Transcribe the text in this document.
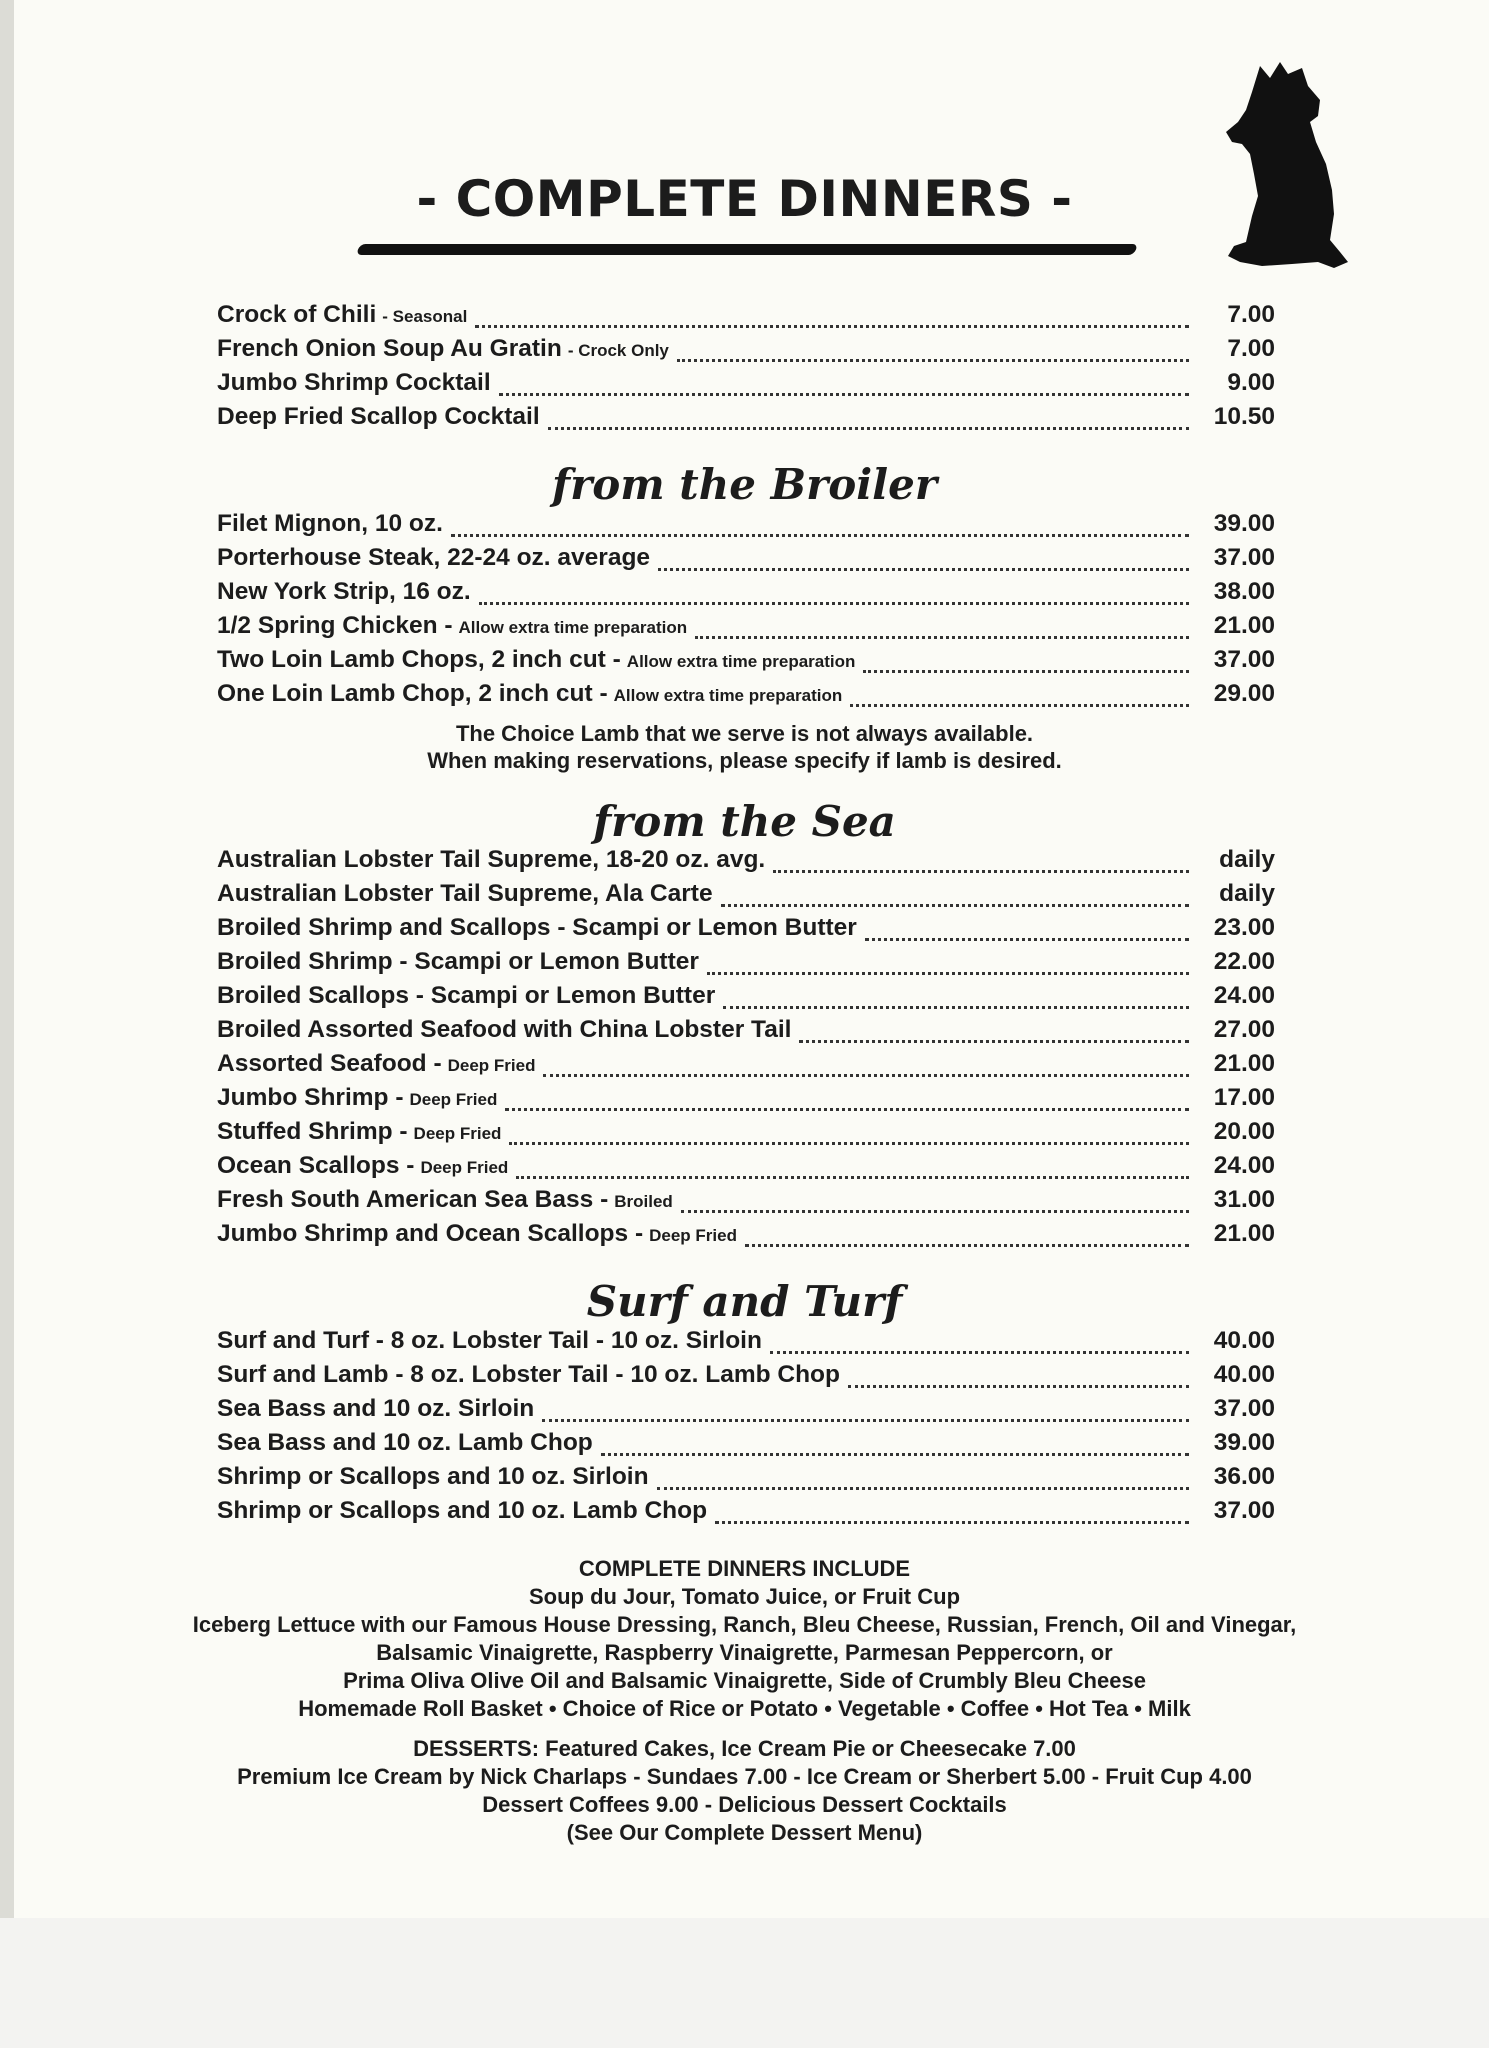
- COMPLETE DINNERS -
Crock of Chili - Seasonal	7.00
French Onion Soup Au Gratin - Crock Only	7.00
Jumbo Shrimp Cocktail	9.00
Deep Fried Scallop Cocktail	10.50
from the Broiler
Filet Mignon, 10 oz.	39.00
Porterhouse Steak, 22-24 oz. average	37.00
New York Strip, 16 oz.	38.00
1/2 Spring Chicken - Allow extra time preparation	21.00
Two Loin Lamb Chops, 2 inch cut - Allow extra time preparation	37.00
One Loin Lamb Chop, 2 inch cut - Allow extra time preparation	29.00
The Choice Lamb that we serve is not always available.
When making reservations, please specify if lamb is desired.
from the Sea
Australian Lobster Tail Supreme, 18-20 oz. avg.	daily
Australian Lobster Tail Supreme, Ala Carte	daily
Broiled Shrimp and Scallops - Scampi or Lemon Butter	23.00
Broiled Shrimp - Scampi or Lemon Butter	22.00
Broiled Scallops - Scampi or Lemon Butter	24.00
Broiled Assorted Seafood with China Lobster Tail	27.00
Assorted Seafood - Deep Fried	21.00
Jumbo Shrimp - Deep Fried	17.00
Stuffed Shrimp - Deep Fried	20.00
Ocean Scallops - Deep Fried	24.00
Fresh South American Sea Bass - Broiled	31.00
Jumbo Shrimp and Ocean Scallops - Deep Fried	21.00
Surf and Turf
Surf and Turf - 8 oz. Lobster Tail - 10 oz. Sirloin	40.00
Surf and Lamb - 8 oz. Lobster Tail - 10 oz. Lamb Chop	40.00
Sea Bass and 10 oz. Sirloin	37.00
Sea Bass and 10 oz. Lamb Chop	39.00
Shrimp or Scallops and 10 oz. Sirloin	36.00
Shrimp or Scallops and 10 oz. Lamb Chop	37.00
COMPLETE DINNERS INCLUDE
Soup du Jour, Tomato Juice, or Fruit Cup
Iceberg Lettuce with our Famous House Dressing, Ranch, Bleu Cheese, Russian, French, Oil and Vinegar,
Balsamic Vinaigrette, Raspberry Vinaigrette, Parmesan Peppercorn, or
Prima Oliva Olive Oil and Balsamic Vinaigrette, Side of Crumbly Bleu Cheese
Homemade Roll Basket • Choice of Rice or Potato • Vegetable • Coffee • Hot Tea • Milk
DESSERTS: Featured Cakes, Ice Cream Pie or Cheesecake 7.00
Premium Ice Cream by Nick Charlaps - Sundaes 7.00 - Ice Cream or Sherbert 5.00 - Fruit Cup 4.00
Dessert Coffees 9.00 - Delicious Dessert Cocktails
(See Our Complete Dessert Menu)
